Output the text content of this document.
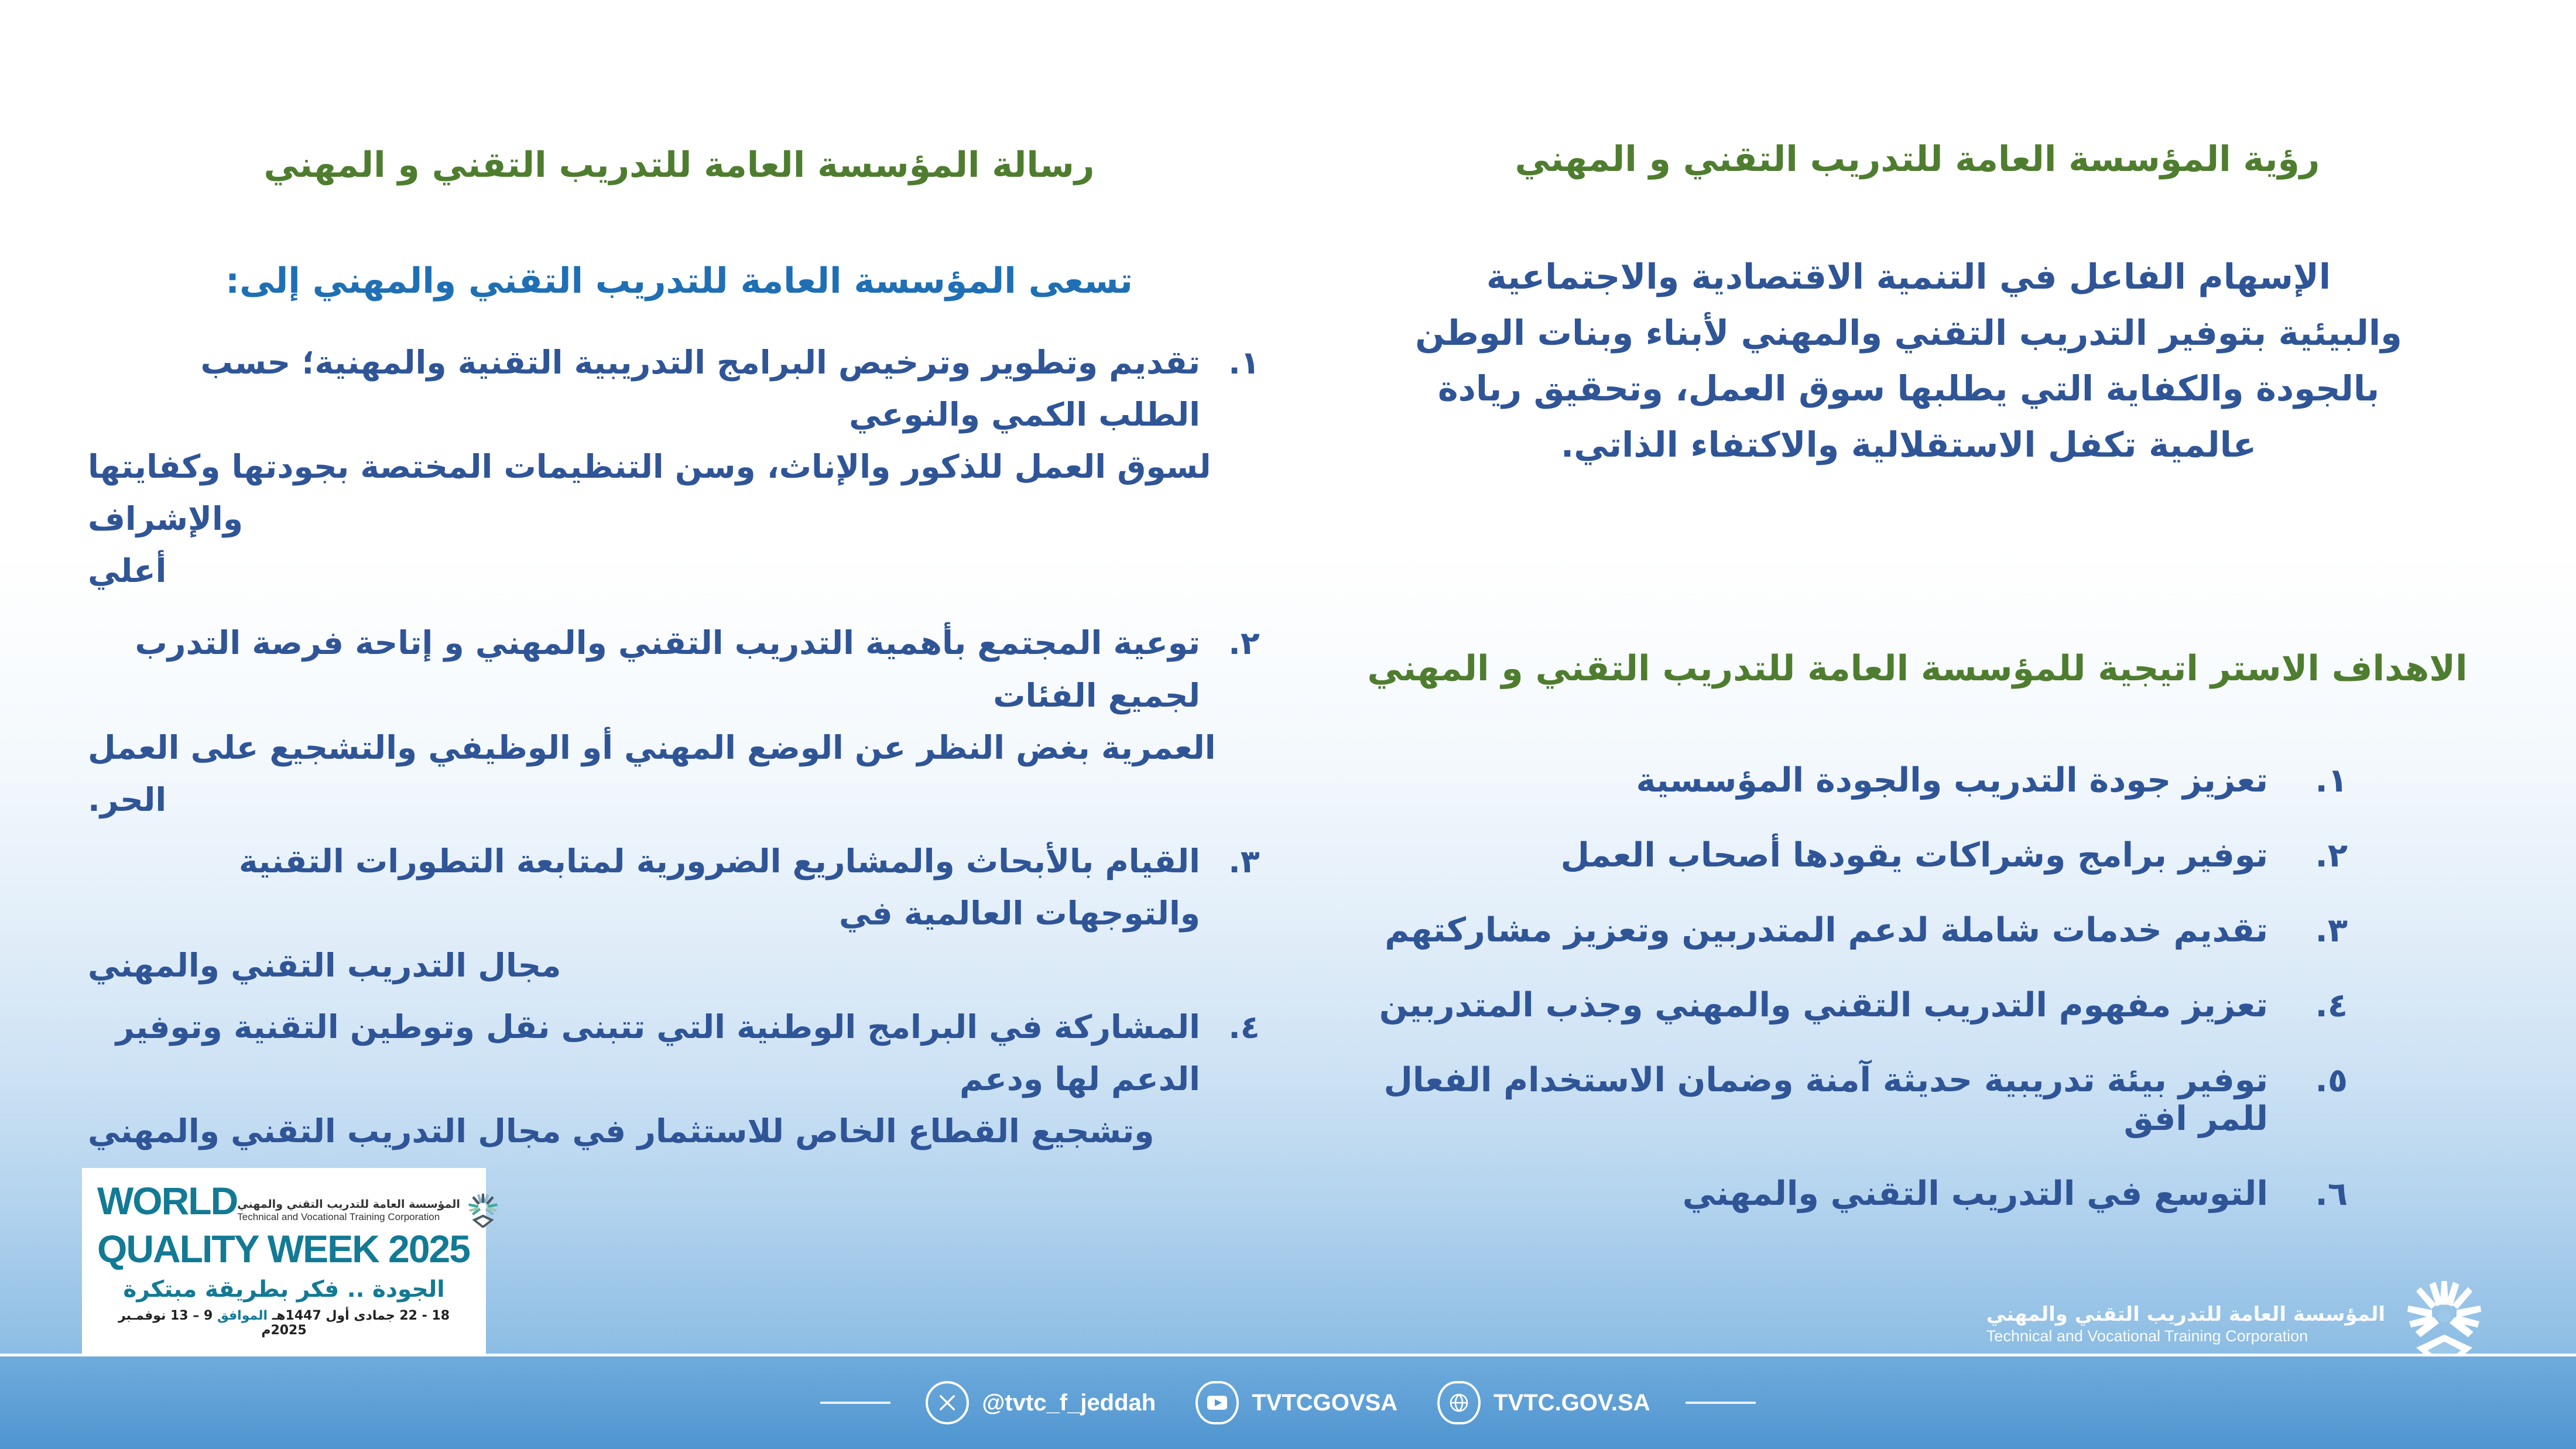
رؤية المؤسسة العامة للتدريب التقني و المهني
الإسهام الفاعل في التنمية الاقتصادية والاجتماعية
والبيئية بتوفير التدريب التقني والمهني لأبناء وبنات الوطن
بالجودة والكفاية التي يطلبها سوق العمل، وتحقيق ريادة
عالمية تكفل الاستقلالية والاكتفاء الذاتي.
الاهداف الاستر اتيجية للمؤسسة العامة للتدريب التقني و المهني
١.
تعزيز جودة التدريب والجودة المؤسسية
٢.
توفير برامج وشراكات يقودها أصحاب العمل
٣.
تقديم خدمات شاملة لدعم المتدربين وتعزيز مشاركتهم
٤.
تعزيز مفهوم التدريب التقني والمهني وجذب المتدربين
٥.
توفير بيئة تدريبية حديثة آمنة وضمان الاستخدام الفعال للمر افق
٦.
التوسع في التدريب التقني والمهني
رسالة المؤسسة العامة للتدريب التقني و المهني
تسعى المؤسسة العامة للتدريب التقني والمهني إلى:
١.
تقديم وتطوير وترخيص البرامج التدريبية التقنية والمهنية؛ حسب الطلب الكمي والنوعي
لسوق العمل للذكور والإناث، وسن التنظيمات المختصة بجودتها وكفايتها والإشراف
أعلي
٢.
توعية المجتمع بأهمية التدريب التقني والمهني و إتاحة فرصة التدرب لجميع الفئات
العمرية بغض النظر عن الوضع المهني أو الوظيفي والتشجيع على العمل الحر.
٣.
القيام بالأبحاث والمشاريع الضرورية لمتابعة التطورات التقنية والتوجهات العالمية في
مجال التدريب التقني والمهني
٤.
المشاركة في البرامج الوطنية التي تتبنى نقل وتوطين التقنية وتوفير الدعم لها ودعم
وتشجيع القطاع الخاص للاستثمار في مجال التدريب التقني والمهني
WORLD المؤسسة العامة للتدريب التقني والمهني
Technical and Vocational Training Corporation
QUALITY WEEK 2025
الجودة .. فكر بطريقة مبتكرة
18 - 22 جمادى أول 1447هـ الموافق 9 – 13 نوفمـبر 2025م
المؤسسة العامة للتدريب التقني والمهني
Technical and Vocational Training Corporation
@tvtc_f_jeddah	TVTCGOVSA	TVTC.GOV.SA
